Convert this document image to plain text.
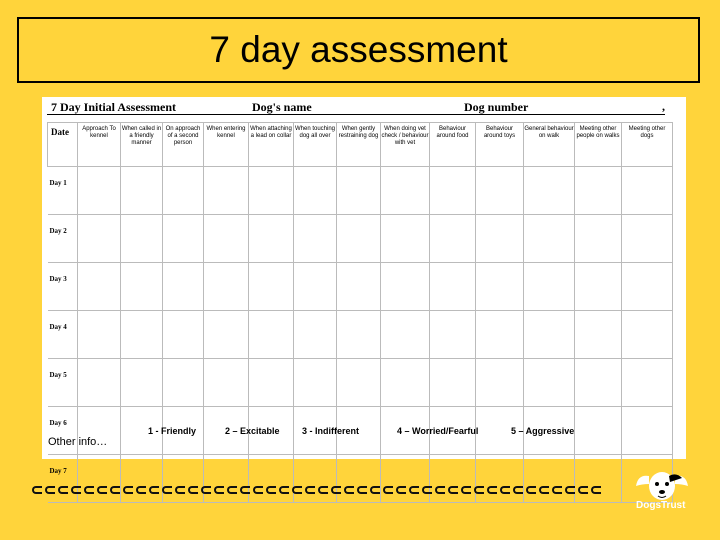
7 day assessment
7 Day Initial Assessment	Dog's name	Dog number	,
Date	Approach To kennel	When called in a friendly manner	On approach of a second person	When entering kennel	When attaching a lead on collar	When touching dog all over	When gently restraining dog	When doing vet check / behaviour with vet	Behaviour around food	Behaviour around toys	General behaviour on walk	Meeting other people on walks	Meeting other dogs
Day 1													
Day 2													
Day 3													
Day 4													
Day 5													
Day 6													
Day 7													
1 - Friendly	2 – Excitable 3 - Indifferent	4 – Worried/Fearful	5 – Aggressive
Other info…
DogsTrust
